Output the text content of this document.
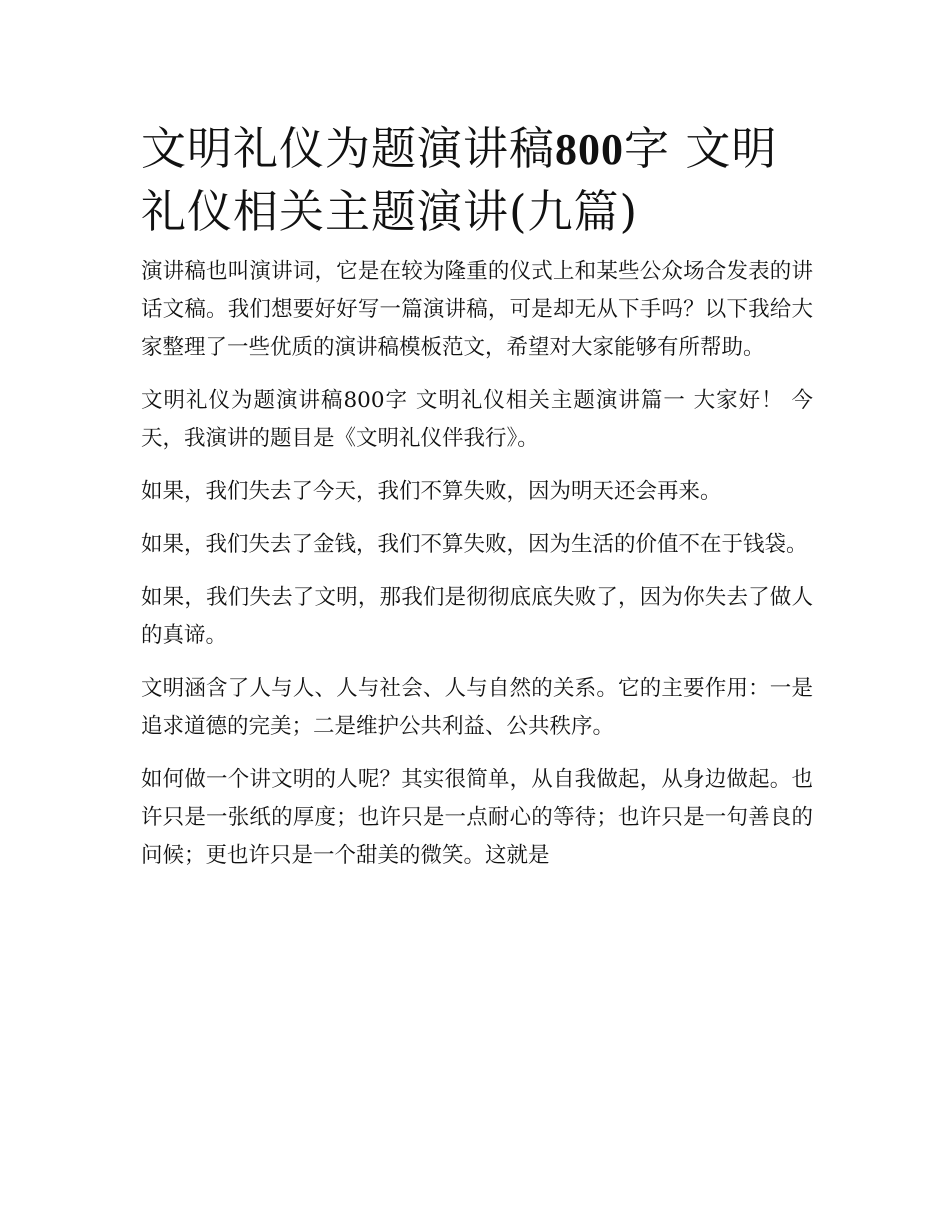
文明礼仪为题演讲稿800字 文明礼仪相关主题演讲(九篇)

演讲稿也叫演讲词，它是在较为隆重的仪式上和某些公众场合发表的讲话文稿。我们想要好好写一篇演讲稿，可是却无从下手吗？以下我给大家整理了一些优质的演讲稿模板范文，希望对大家能够有所帮助。

文明礼仪为题演讲稿800字 文明礼仪相关主题演讲篇一 大家好！ 今天，我演讲的题目是《文明礼仪伴我行》。

如果，我们失去了今天，我们不算失败，因为明天还会再来。

如果，我们失去了金钱，我们不算失败，因为生活的价值不在于钱袋。

如果，我们失去了文明，那我们是彻彻底底失败了，因为你失去了做人的真谛。

文明涵含了人与人、人与社会、人与自然的关系。它的主要作用：一是追求道德的完美；二是维护公共利益、公共秩序。

如何做一个讲文明的人呢？其实很简单，从自我做起，从身边做起。也许只是一张纸的厚度；也许只是一点耐心的等待；也许只是一句善良的问候；更也许只是一个甜美的微笑。这就是
